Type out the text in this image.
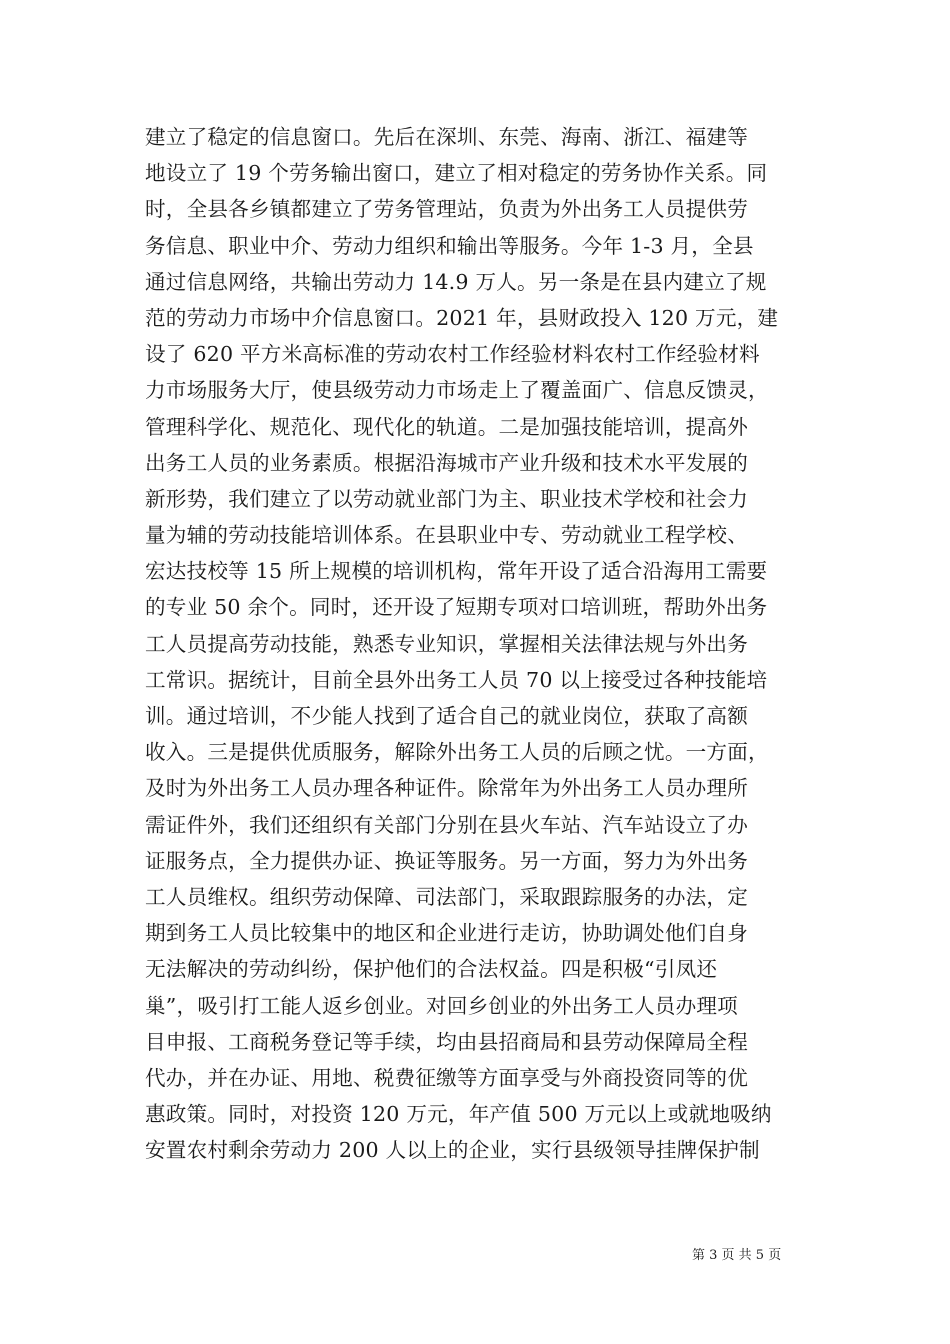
建立了稳定的信息窗口。先后在深圳、东莞、海南、浙江、福建等
地设立了 19 个劳务输出窗口，建立了相对稳定的劳务协作关系。同
时，全县各乡镇都建立了劳务管理站，负责为外出务工人员提供劳
务信息、职业中介、劳动力组织和输出等服务。今年 1-3 月，全县
通过信息网络，共输出劳动力 14.9 万人。另一条是在县内建立了规
范的劳动力市场中介信息窗口。2021 年，县财政投入 120 万元，建
设了 620 平方米高标准的劳动农村工作经验材料农村工作经验材料
力市场服务大厅，使县级劳动力市场走上了覆盖面广、信息反馈灵，
管理科学化、规范化、现代化的轨道。二是加强技能培训，提高外
出务工人员的业务素质。根据沿海城市产业升级和技术水平发展的
新形势，我们建立了以劳动就业部门为主、职业技术学校和社会力
量为辅的劳动技能培训体系。在县职业中专、劳动就业工程学校、
宏达技校等 15 所上规模的培训机构，常年开设了适合沿海用工需要
的专业 50 余个。同时，还开设了短期专项对口培训班，帮助外出务
工人员提高劳动技能，熟悉专业知识，掌握相关法律法规与外出务
工常识。据统计，目前全县外出务工人员 70 以上接受过各种技能培
训。通过培训，不少能人找到了适合自己的就业岗位，获取了高额
收入。三是提供优质服务，解除外出务工人员的后顾之忧。一方面，
及时为外出务工人员办理各种证件。除常年为外出务工人员办理所
需证件外，我们还组织有关部门分别在县火车站、汽车站设立了办
证服务点，全力提供办证、换证等服务。另一方面，努力为外出务
工人员维权。组织劳动保障、司法部门，采取跟踪服务的办法，定
期到务工人员比较集中的地区和企业进行走访，协助调处他们自身
无法解决的劳动纠纷，保护他们的合法权益。四是积极“引凤还
巢”，吸引打工能人返乡创业。对回乡创业的外出务工人员办理项
目申报、工商税务登记等手续，均由县招商局和县劳动保障局全程
代办，并在办证、用地、税费征缴等方面享受与外商投资同等的优
惠政策。同时，对投资 120 万元，年产值 500 万元以上或就地吸纳
安置农村剩余劳动力 200 人以上的企业，实行县级领导挂牌保护制
第 3 页 共 5 页
